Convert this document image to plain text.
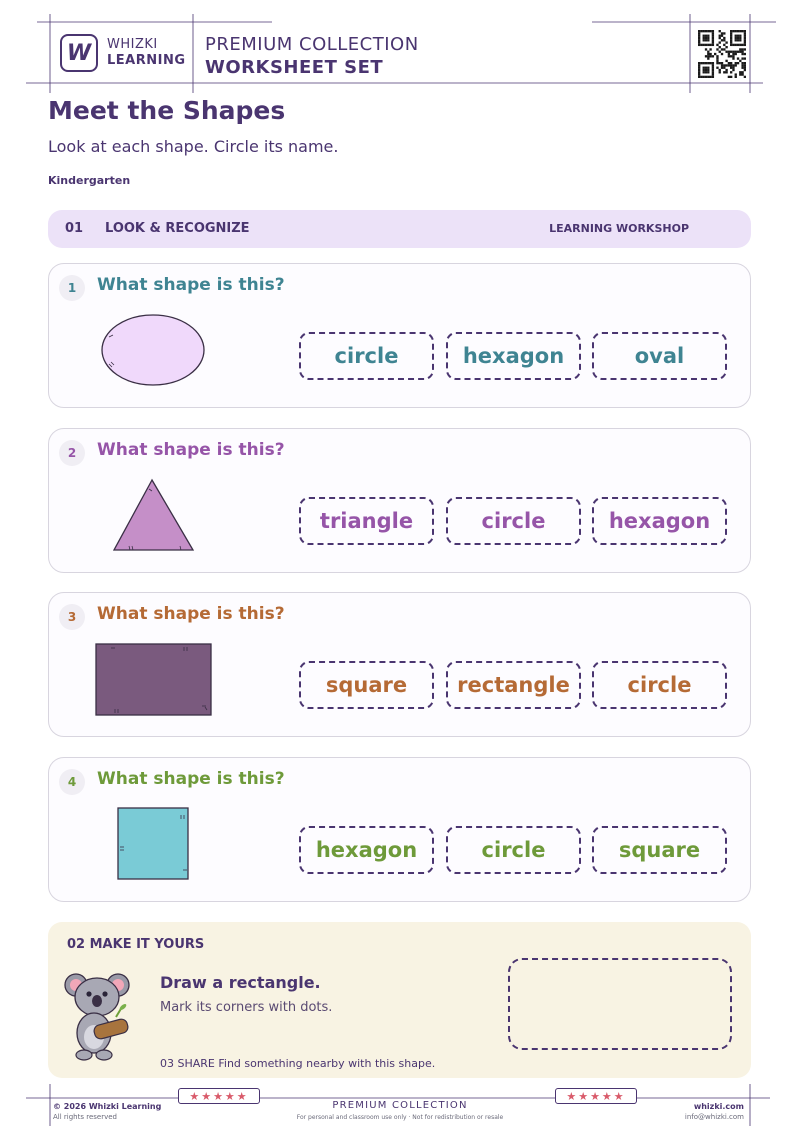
W WHIZKI
LEARNING
PREMIUM COLLECTION
WORKSHEET SET
Meet the Shapes
Look at each shape. Circle its name.
Kindergarten
01 LOOK & RECOGNIZE	LEARNING WORKSHOP
1	What shape is this?
circle	hexagon	oval
2	What shape is this?
triangle	circle	hexagon
3	What shape is this?
square	rectangle	circle
4	What shape is this?
hexagon	circle	square
02 MAKE IT YOURS
Draw a rectangle.
Mark its corners with dots.
03 SHARE Find something nearby with this shape.
★★★★★	★★★★★
© 2026 Whizki Learning
All rights reserved
PREMIUM COLLECTION
For personal and classroom use only · Not for redistribution or resale
whizki.com
info@whizki.com
